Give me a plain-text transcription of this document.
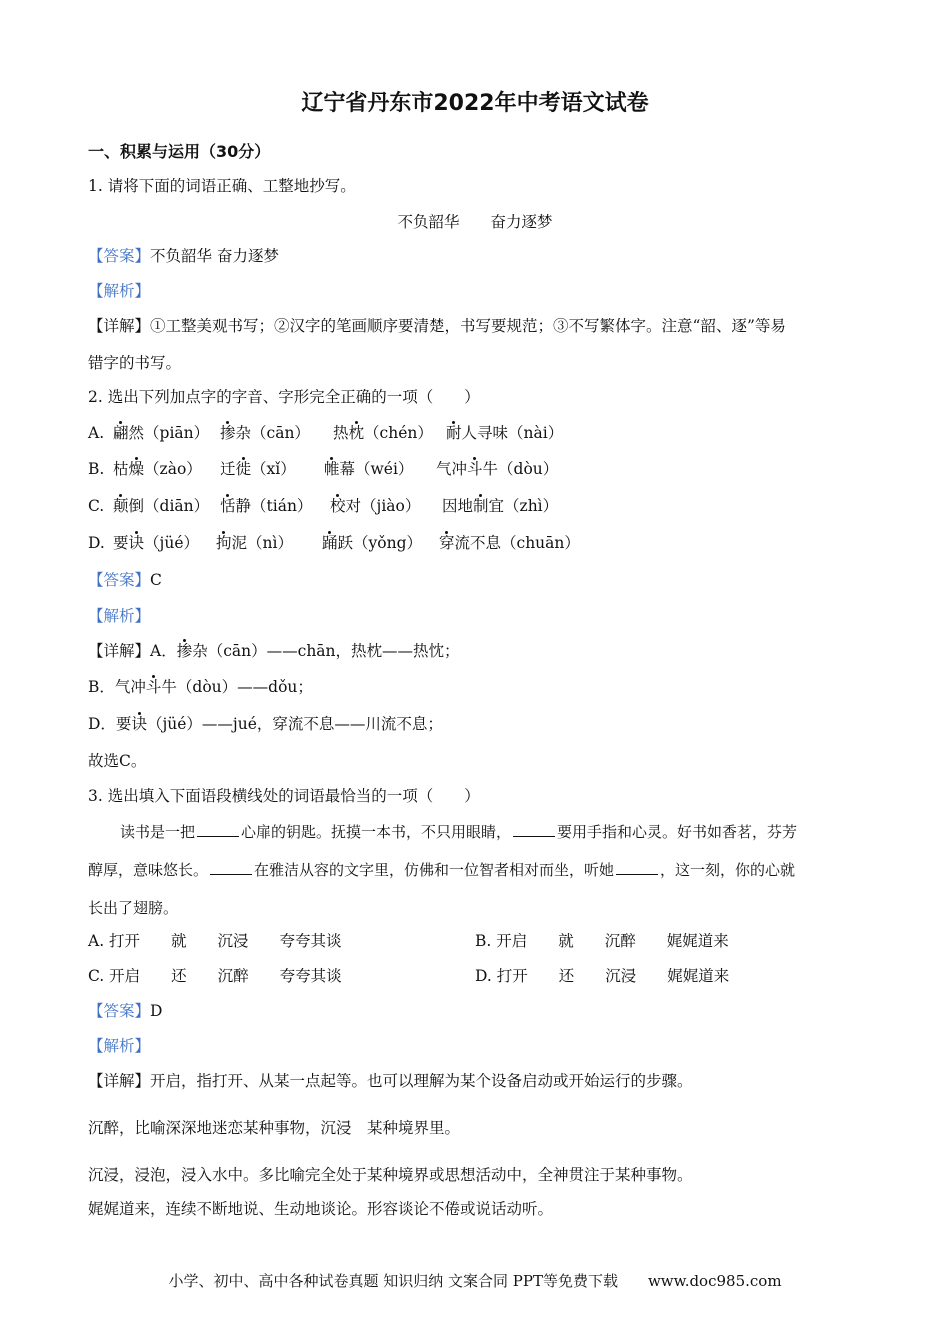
辽宁省丹东市2022年中考语文试卷
一、积累与运用（30分）
1. 请将下面的词语正确、工整地抄写。
不负韶华　　奋力逐梦
【答案】不负韶华 奋力逐梦
【解析】
【详解】①工整美观书写；②汉字的笔画顺序要清楚，书写要规范；③不写繁体字。注意“韶、逐”等易
错字的书写。
2. 选出下列加点字的字音、字形完全正确的一项（　　）
A. 翩然（piān） 掺杂（cān） 热枕（chén） 耐人寻味（nài）
B. 枯燥（zào） 迁徙（xǐ） 帷幕（wéi） 气冲斗牛（dòu）
C. 颠倒（diān） 恬静（tián） 校对（jiào） 因地制宜（zhì）
D. 要诀（jüé） 拘泥（nì） 踊跃（yǒng） 穿流不息（chuān）
【答案】C
【解析】
【详解】A．掺杂（cān）——chān，热枕——热忱；
B．气冲斗牛（dòu）——dǒu；
D．要诀（jüé）——jué，穿流不息——川流不息；
故选C。
3. 选出填入下面语段横线处的词语最恰当的一项（　　）
读书是一把	心扉的钥匙。抚摸一本书，不只用眼睛，	要用手指和心灵。好书如香茗，芬芳
醇厚，意味悠长。	在雅洁从容的文字里，仿佛和一位智者相对而坐，听她	，这一刻，你的心就
长出了翅膀。
A. 打开　　就　　沉浸　　夸夸其谈	B. 开启　　就　　沉醉　　娓娓道来
C. 开启　　还　　沉醉　　夸夸其谈	D. 打开　　还　　沉浸　　娓娓道来
【答案】D
【解析】
【详解】开启，指打开、从某一点起等。也可以理解为某个设备启动或开始运行的步骤。
沉醉，比喻深深地迷恋某种事物，沉浸　某种境界里。
沉浸，浸泡，浸入水中。多比喻完全处于某种境界或思想活动中，全神贯注于某种事物。
娓娓道来，连续不断地说、生动地谈论。形容谈论不倦或说话动听。
小学、初中、高中各种试卷真题 知识归纳 文案合同 PPT等免费下载　　www.doc985.com
